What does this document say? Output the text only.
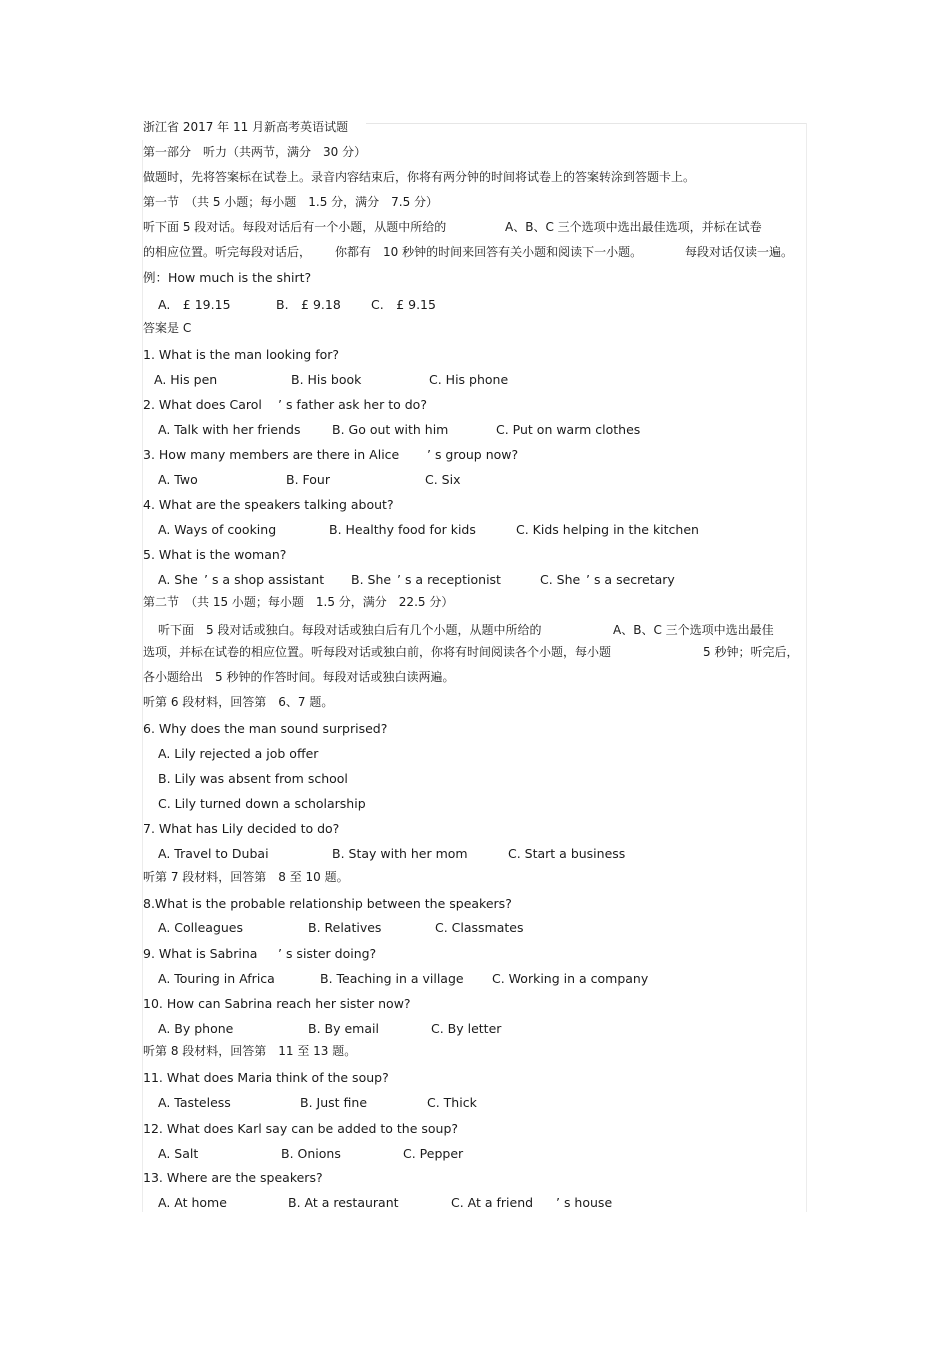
浙江省 2017 年 11 月新高考英语试题
第一部分　听力（共两节，满分　30 分）
做题时，先将答案标在试卷上。录音内容结束后，你将有两分钟的时间将试卷上的答案转涂到答题卡上。
第一节　（共 5 小题；每小题　1.5 分，满分　7.5 分）
听下面 5 段对话。每段对话后有一个小题，从题中所给的	A、B、C 三个选项中选出最佳选项，并标在试卷
的相应位置。听完每段对话后， 你都有　10 秒钟的时间来回答有关小题和阅读下一小题。	每段对话仅读一遍。
例：How much is the shirt?
A.　£ 19.15	B.　£ 9.18 C.　£ 9.15
答案是 C
1. What is the man looking for?
A. His pen	B. His book	C. His phone
2. What does Carol ’ s father ask her to do?
A. Talk with her friends	B. Go out with him	C. Put on warm clothes
3. How many members are there in Alice ’ s group now?
A. Two	B. Four	C. Six
4. What are the speakers talking about?
A. Ways of cooking	B. Healthy food for kids	C. Kids helping in the kitchen
5. What is the woman?
A. She ’ s a shop assistant B. She ’ s a receptionist	C. She ’ s a secretary
第二节　（共 15 小题；每小题　1.5 分，满分　22.5 分）
听下面　5 段对话或独白。每段对话或独白后有几个小题，从题中所给的	A、B、C 三个选项中选出最佳
选项，并标在试卷的相应位置。听每段对话或独白前，你将有时间阅读各个小题，每小题	5 秒钟；听完后，
各小题给出　5 秒钟的作答时间。每段对话或独白读两遍。
听第 6 段材料，回答第　6、7 题。
6. Why does the man sound surprised?
A. Lily rejected a job offer
B. Lily was absent from school
C. Lily turned down a scholarship
7. What has Lily decided to do?
A. Travel to Dubai	B. Stay with her mom	C. Start a business
听第 7 段材料，回答第　8 至 10 题。
8.What is the probable relationship between the speakers?
A. Colleagues	B. Relatives	C. Classmates
9. What is Sabrina ’ s sister doing?
A. Touring in Africa	B. Teaching in a village C. Working in a company
10. How can Sabrina reach her sister now?
A. By phone	B. By email	C. By letter
听第 8 段材料，回答第　11 至 13 题。
11. What does Maria think of the soup?
A. Tasteless	B. Just fine	C. Thick
12. What does Karl say can be added to the soup?
A. Salt	B. Onions	C. Pepper
13. Where are the speakers?
A. At home	B. At a restaurant	C. At a friend ’ s house
